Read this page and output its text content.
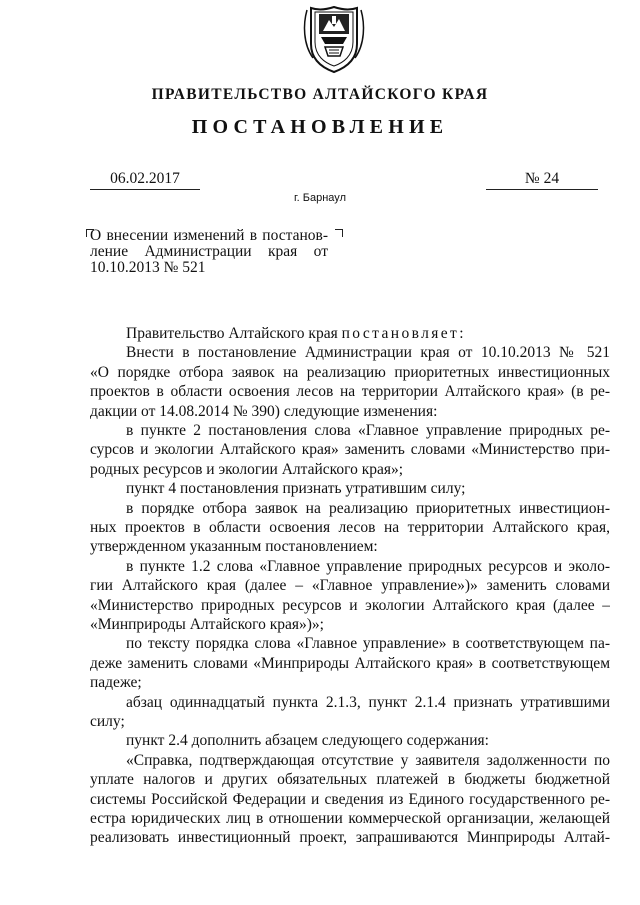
ПРАВИТЕЛЬСТВО АЛТАЙСКОГО КРАЯ
ПОСТАНОВЛЕНИЕ
06.02.2017	№ 24
г. Барнаул
О внесении изменений в постанов-
ление Администрации края от
10.10.2013 № 521
Правительство Алтайского края постановляет:
Внести в постановление Администрации края от 10.10.2013 № 521
«О порядке отбора заявок на реализацию приоритетных инвестиционных
проектов в области освоения лесов на территории Алтайского края» (в ре-
дакции от 14.08.2014 № 390) следующие изменения:
в пункте 2 постановления слова «Главное управление природных ре-
сурсов и экологии Алтайского края» заменить словами «Министерство при-
родных ресурсов и экологии Алтайского края»;
пункт 4 постановления признать утратившим силу;
в порядке отбора заявок на реализацию приоритетных инвестицион-
ных проектов в области освоения лесов на территории Алтайского края,
утвержденном указанным постановлением:
в пункте 1.2 слова «Главное управление природных ресурсов и эколо-
гии Алтайского края (далее – «Главное управление»)» заменить словами
«Министерство природных ресурсов и экологии Алтайского края (далее –
«Минприроды Алтайского края»)»;
по тексту порядка слова «Главное управление» в соответствующем па-
деже заменить словами «Минприроды Алтайского края» в соответствующем
падеже;
абзац одиннадцатый пункта 2.1.3, пункт 2.1.4 признать утратившими
силу;
пункт 2.4 дополнить абзацем следующего содержания:
«Справка, подтверждающая отсутствие у заявителя задолженности по
уплате налогов и других обязательных платежей в бюджеты бюджетной
системы Российской Федерации и сведения из Единого государственного ре-
естра юридических лиц в отношении коммерческой организации, желающей
реализовать инвестиционный проект, запрашиваются Минприроды Алтай-
